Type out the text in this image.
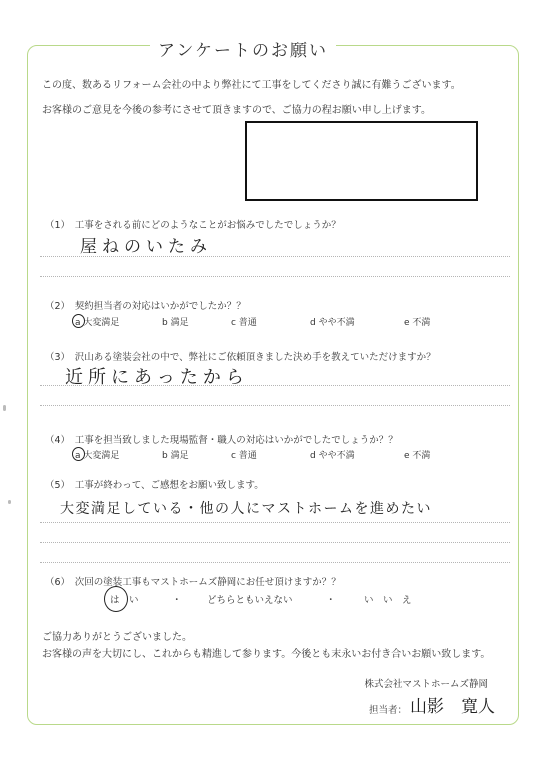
アンケートのお願い
この度、数あるリフォーム会社の中より弊社にて工事をしてくださり誠に有難うございます。
お客様のご意見を今後の参考にさせて頂きますので、ご協力の程お願い申し上げます。
（1）　工事をされる前にどのようなことがお悩みでしたでしょうか？
屋ねのいたみ
（2）　契約担当者の対応はいかがでしたか？？
a 大変満足	b 満足	c 普通	d やや不満	e 不満
（3）　沢山ある塗装会社の中で、弊社にご依頼頂きました決め手を教えていただけますか？
近所にあったから
（4）　工事を担当致しました現場監督・職人の対応はいかがでしたでしょうか？？
a 大変満足	b 満足	c 普通	d やや不満	e 不満
（5）　工事が終わって、ご感想をお願い致します。
大変満足している・他の人にマストホームを進めたい
（6）　次回の塗装工事もマストホームズ静岡にお任せ頂けますか？？
は　い	・	どちらともいえない	・	い　い　え
ご協力ありがとうございました。
お客様の声を大切にし、これからも精進して参ります。今後とも末永いお付き合いお願い致します。
株式会社マストホームズ静岡
担当者： 山影　寛人
